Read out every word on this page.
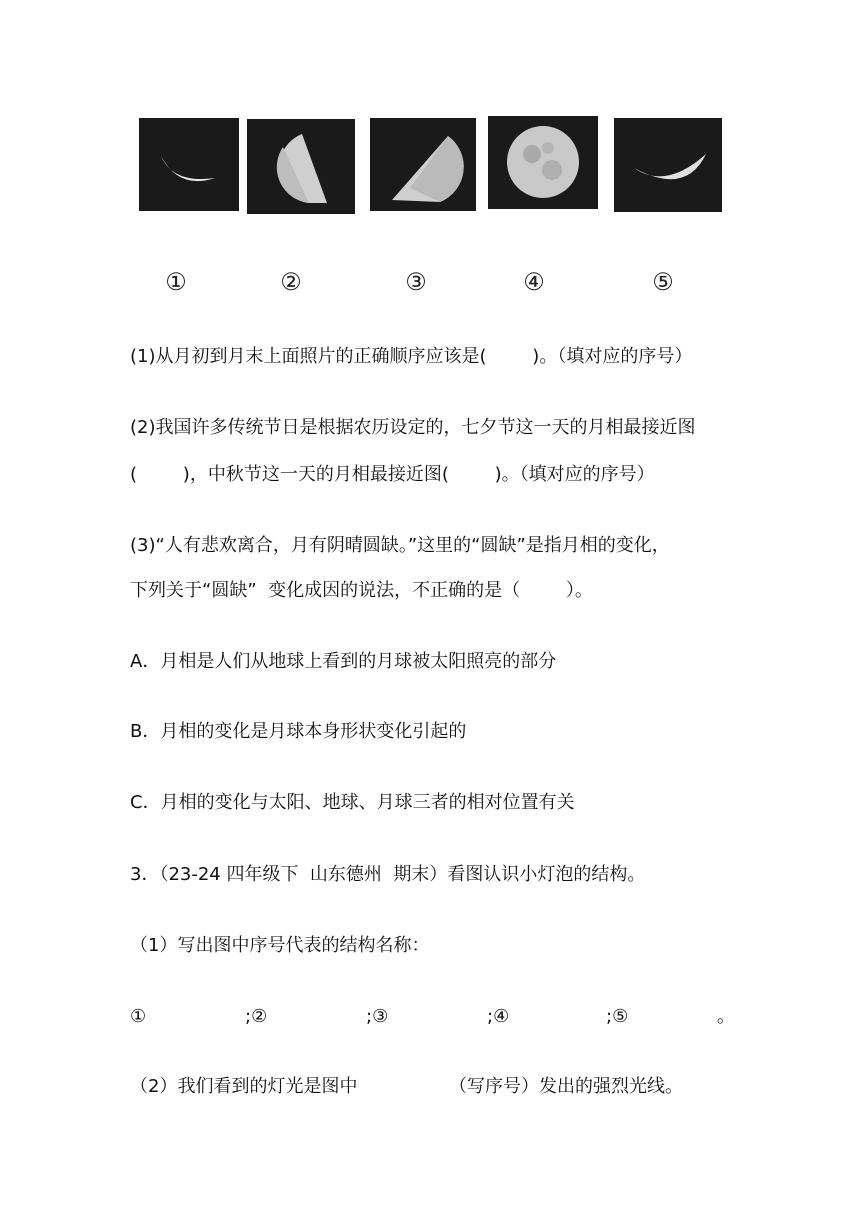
①	②	③	④	⑤
(1)从月初到月末上面照片的正确顺序应该是(        )。（填对应的序号）
(2)我国许多传统节日是根据农历设定的，七夕节这一天的月相最接近图
(        )，中秋节这一天的月相最接近图(        )。（填对应的序号）
(3)“人有悲欢离合，月有阴晴圆缺。”这里的“圆缺”是指月相的变化，
下列关于“圆缺”  变化成因的说法，不正确的是（        ）。
A．月相是人们从地球上看到的月球被太阳照亮的部分
B．月相的变化是月球本身形状变化引起的
C．月相的变化与太阳、地球、月球三者的相对位置有关
3．（23-24 四年级下  山东德州  期末）看图认识小灯泡的结构。
（1）写出图中序号代表的结构名称：
①	;②	;③	;④	;⑤	。
（2）我们看到的灯光是图中                （写序号）发出的强烈光线。
